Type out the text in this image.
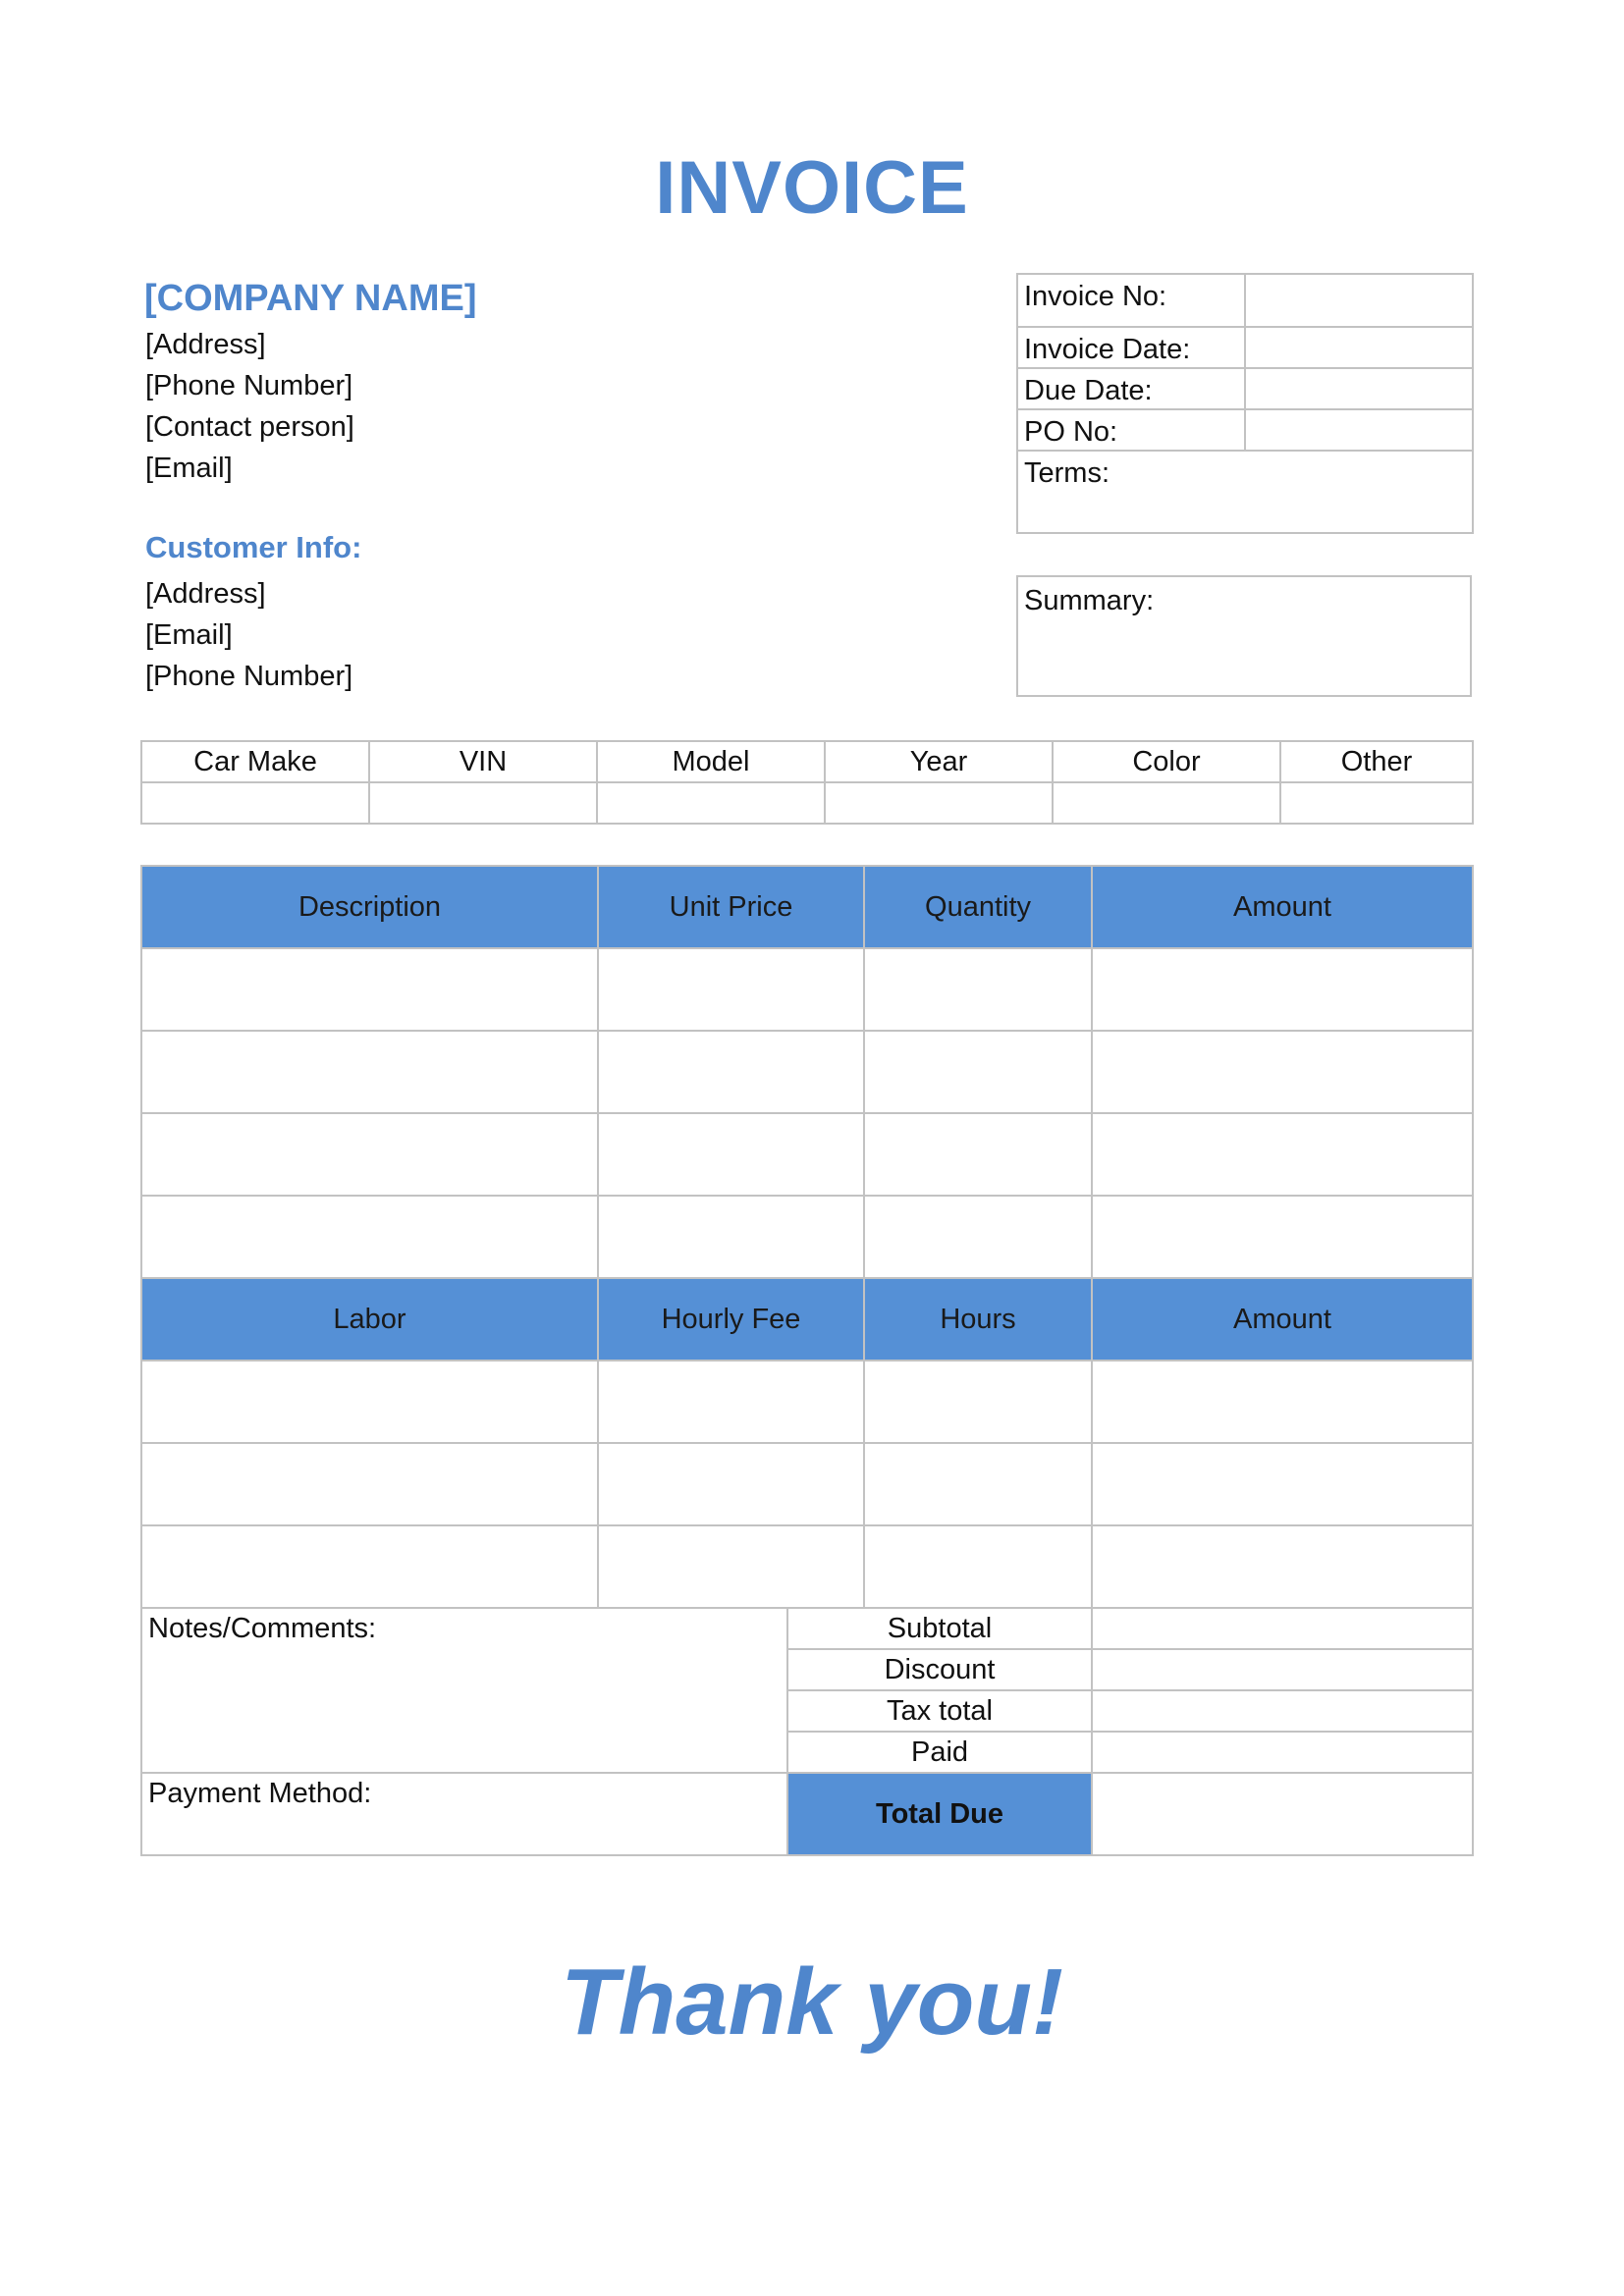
INVOICE
[COMPANY NAME]
[Address]
[Phone Number]
[Contact person]
[Email]
Customer Info:
[Address]
[Email]
[Phone Number]
Invoice No:	
Invoice Date:	
Due Date:	
PO No:	
Terms:	
Summary:
Car Make	VIN	Model	Year	Color	Other

Description	Unit Price		Quantity	Amount

Labor	Hourly Fee		Hours	Amount

Notes/Comments:		Subtotal		
		Discount		
		Tax total		
		Paid		
Payment Method:		Total Due		
Thank you!
